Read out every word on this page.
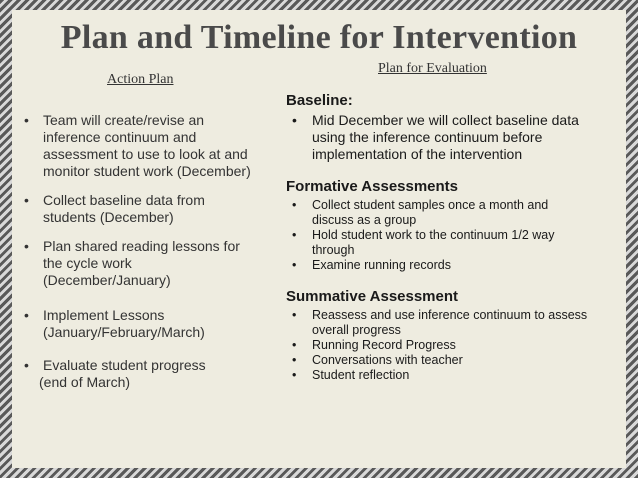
Plan and Timeline for Intervention
Plan for Evaluation
Action Plan
• Team will create/revise an
inference continuum and
assessment to use to look at and
monitor student work (December)
• Collect baseline data from
students (December)
• Plan shared reading lessons for
the cycle work
(December/January)
• Implement Lessons
(January/February/March)
• Evaluate student progress
(end of March)
Baseline:
• Mid December we will collect baseline data
using the inference continuum before
implementation of the intervention
Formative Assessments
• Collect student samples once a month and
discuss as a group
• Hold student work to the continuum 1/2 way
through
• Examine running records
Summative Assessment
• Reassess and use inference continuum to assess
overall progress
• Running Record Progress
• Conversations with teacher
• Student reflection
